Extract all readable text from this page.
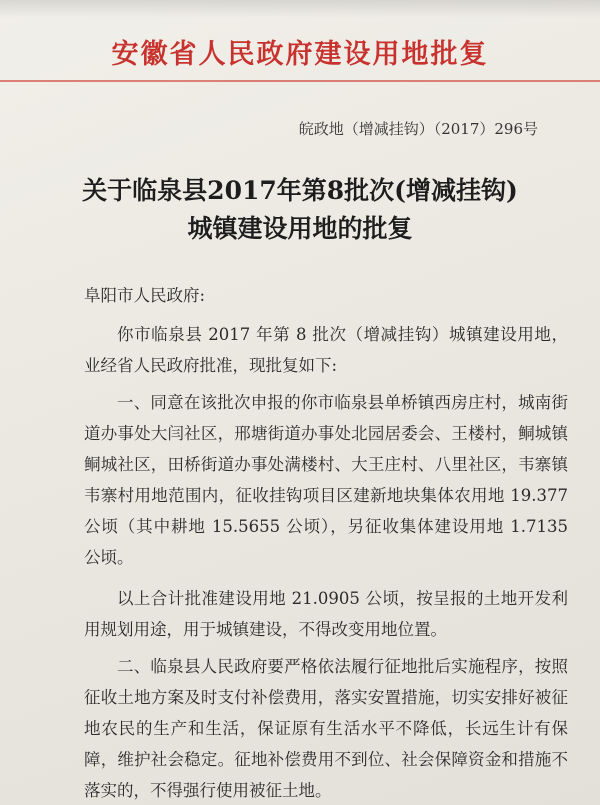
安徽省人民政府建设用地批复

皖政地（增减挂钩）（2017）296号

关于临泉县2017年第8批次(增减挂钩)
城镇建设用地的批复

阜阳市人民政府:

你市临泉县 2017 年第 8 批次（增减挂钩）城镇建设用地，业经省人民政府批准，现批复如下:

一、同意在该批次申报的你市临泉县单桥镇西房庄村，城南街道办事处大闫社区，邢塘街道办事处北园居委会、王楼村，鲖城镇鲖城社区，田桥街道办事处满楼村、大王庄村、八里社区，韦寨镇韦寨村用地范围内，征收挂钩项目区建新地块集体农用地 19.377 公顷（其中耕地 15.5655 公顷），另征收集体建设用地 1.7135 公顷。

以上合计批准建设用地 21.0905 公顷，按呈报的土地开发利用规划用途，用于城镇建设，不得改变用地位置。

二、临泉县人民政府要严格依法履行征地批后实施程序，按照征收土地方案及时支付补偿费用，落实安置措施，切实安排好被征地农民的生产和生活，保证原有生活水平不降低，长远生计有保障，维护社会稳定。征地补偿费用不到位、社会保障资金和措施不落实的，不得强行使用被征土地。
